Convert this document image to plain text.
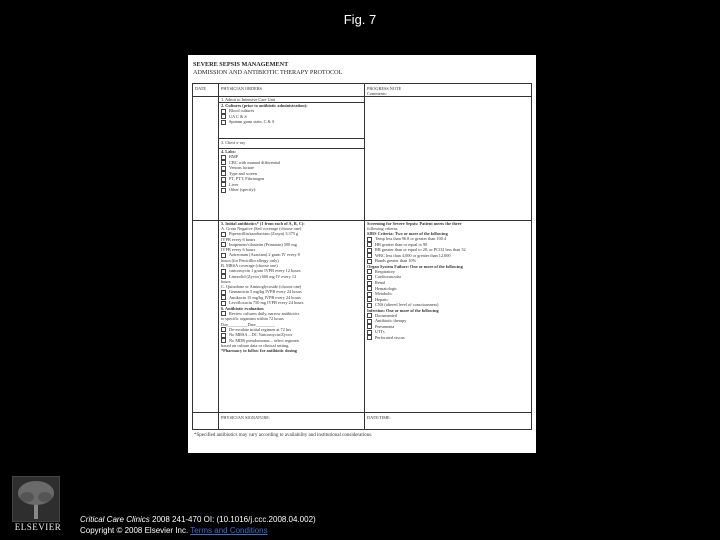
Fig. 7
SEVERE SEPSIS MANAGEMENT
ADMISSION AND ANTIBIOTIC THERAPY PROTOCOL
DATE	PHYSICIAN ORDERS	PROGRESS NOTE
Comments:
1. Admit to Intensive Care Unit
2. Cultures (prior to antibiotic administration):
Blood cultures
UA C & S
Sputum gram stain, C & S
3. Chest x-ray
4. Labs:
BMP
CBC with manual differential
Venous lactate
Type and screen
PT, PTT, Fibrinogen
Liver
Other (specify):
5. Initial antibiotics* (1 from each of A, B, C):
A. Gram Negative (Sed coverage (choose one)
Piperacillin/tazobactam (Zosyn) 3.375 g
IVPB every 6 hours
Imipenem/cilastatin (Primaxin) 500 mg
IVPB every 6 hours
Aztreonam (Azactam) 2 gram IV every 8
hours (for Penicillin allergy only)
B. MRSA coverage (choose one)
vancomycin 1 gram IVPB every 12 hours
Linezolid (Zyvox) 600 mg IV every 12
hours
C. Quinolone or Aminoglycoside (choose one)
Gentamicin 5 mg/kg IVPB every 24 hours
Amikacin 15 mg/kg IVPB every 24 hours
Levofloxacin 750 mg IVPB every 24 hours
6. Antibiotic evaluation
Review cultures daily, narrow antibiotics
to specific organism within 72 hours
Day_________Date_________
De-escalate initial regimen at 72 hrs
No MRSA – DC Vancomycin/Zyvox
No MDR pseudomonas – select regimen
based on culture data or clinical setting.
*Pharmacy to follow for antibiotic dosing
Screening for Severe Sepsis: Patient meets the three
following criteria:
SIRS Criteria: Two or more of the following
Temp less than 96.8 or greater than 100.4
HR greater than or equal to 90
RR greater than or equal to 20, or PCO2 less than 32
WBC less than 4,000 or greater than 12,000
Bands greater than 10%
Organ System Failure: One or more of the following
Respiratory
Cardiovascular
Renal
Hematologic
Metabolic
Hepatic
CNS (altered level of consciousness)
Infection: One or more of the following
Documented
Antibiotic therapy
Pneumonia
UTI's
Perforated viscus
PHYSICIAN SIGNATURE:	DATE/TIME:
*Specified antibiotics may vary according to availability and institutional considerations.
ELSEVIER
Critical Care Clinics 2008 241-470 OI: (10.1016/j.ccc.2008.04.002)
Copyright © 2008 Elsevier Inc. Terms and Conditions
